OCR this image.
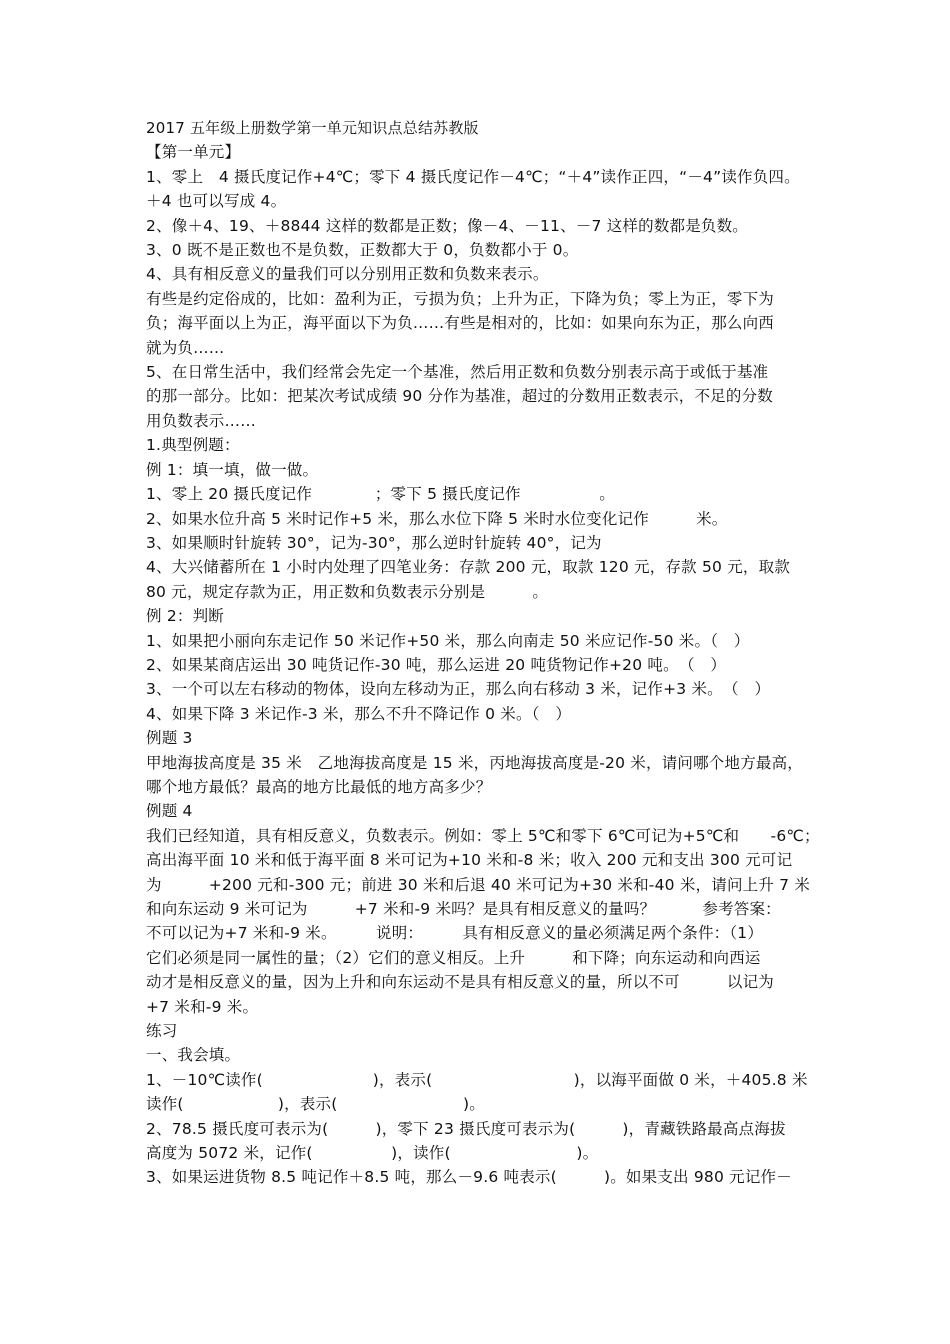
2017 五年级上册数学第一单元知识点总结苏教版
【第一单元】
1、零上　4 摄氏度记作+4℃；零下 4 摄氏度记作－4℃；“＋4”读作正四，“－4”读作负四。
＋4 也可以写成 4。
2、像＋4、19、＋8844 这样的数都是正数；像－4、－11、－7 这样的数都是负数。
3、0 既不是正数也不是负数，正数都大于 0，负数都小于 0。
4、具有相反意义的量我们可以分别用正数和负数来表示。
有些是约定俗成的，比如：盈利为正，亏损为负；上升为正，下降为负；零上为正，零下为
负；海平面以上为正，海平面以下为负……有些是相对的，比如：如果向东为正，那么向西
就为负……
5、在日常生活中，我们经常会先定一个基准，然后用正数和负数分别表示高于或低于基准
的那一部分。比如：把某次考试成绩 90 分作为基准，超过的分数用正数表示，不足的分数
用负数表示……
1.典型例题：
例 1：填一填，做一做。
1、零上 20 摄氏度记作　　　　；零下 5 摄氏度记作　　　　　。
2、如果水位升高 5 米时记作+5 米，那么水位下降 5 米时水位变化记作　　　米。
3、如果顺时针旋转 30°，记为-30°，那么逆时针旋转 40°，记为
4、大兴储蓄所在 1 小时内处理了四笔业务：存款 200 元，取款 120 元，存款 50 元，取款
80 元，规定存款为正，用正数和负数表示分别是　　　。
例 2：判断
1、如果把小丽向东走记作 50 米记作+50 米，那么向南走 50 米应记作-50 米。（　）
2、如果某商店运出 30 吨货记作-30 吨，那么运进 20 吨货物记作+20 吨。　（　）
3、一个可以左右移动的物体，设向左移动为正，那么向右移动 3 米，记作+3 米。　（　）
4、如果下降 3 米记作-3 米，那么不升不降记作 0 米。（　）
例题 3
甲地海拔高度是 35 米　乙地海拔高度是 15 米，丙地海拔高度是-20 米，请问哪个地方最高，
哪个地方最低？最高的地方比最低的地方高多少？
例题 4
我们已经知道，具有相反意义，负数表示。例如：零上 5℃和零下 6℃可记为+5℃和　　-6℃；
高出海平面 10 米和低于海平面 8 米可记为+10 米和-8 米；收入 200 元和支出 300 元可记
为　　　+200 元和-300 元；前进 30 米和后退 40 米可记为+30 米和-40 米，请问上升 7 米
和向东运动 9 米可记为　　　+7 米和-9 米吗？是具有相反意义的量吗？　　　参考答案：
不可以记为+7 米和-9 米。　　　说明：　　　具有相反意义的量必须满足两个条件：（1）
它们必须是同一属性的量；（2）它们的意义相反。上升　　　和下降；向东运动和向西运
动才是相反意义的量，因为上升和向东运动不是具有相反意义的量，所以不可　　　以记为
+7 米和-9 米。
练习
一、我会填。
1、－10℃读作(　　　　　　　)，表示(　　　　　　　　　)，以海平面做 0 米，＋405.8 米
读作(　　　　　　)，表示(　　　　　　　　)。
2、78.5 摄氏度可表示为(　　　)，零下 23 摄氏度可表示为(　　　)，青藏铁路最高点海拔
高度为 5072 米，记作(　　　　　)，读作(　　　　　　　　)。
3、如果运进货物 8.5 吨记作＋8.5 吨，那么－9.6 吨表示(　　　)。如果支出 980 元记作－
